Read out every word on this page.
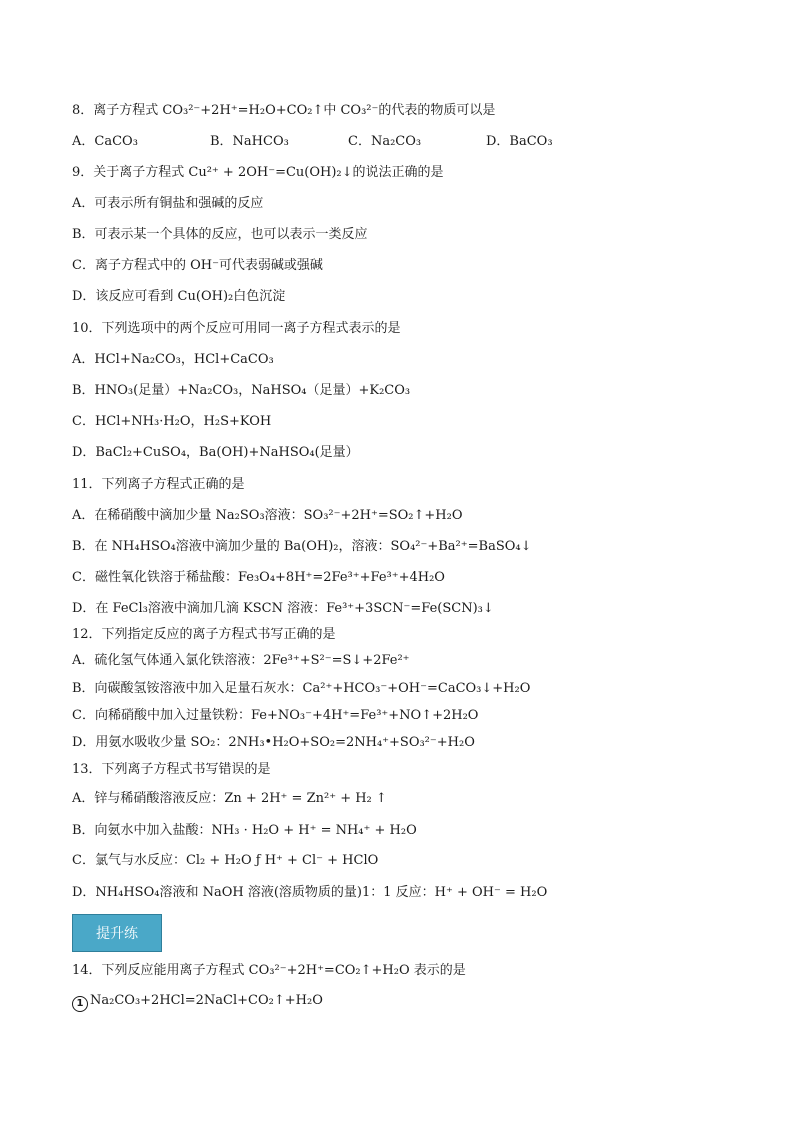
8．离子方程式 CO₃²⁻+2H⁺=H₂O+CO₂↑中 CO₃²⁻的代表的物质可以是
A．CaCO₃	B．NaHCO₃	C．Na₂CO₃	D．BaCO₃
9．关于离子方程式 Cu²⁺ + 2OH⁻=Cu(OH)₂↓的说法正确的是
A．可表示所有铜盐和强碱的反应
B．可表示某一个具体的反应，也可以表示一类反应
C．离子方程式中的 OH⁻可代表弱碱或强碱
D．该反应可看到 Cu(OH)₂白色沉淀
10．下列选项中的两个反应可用同一离子方程式表示的是
A．HCl+Na₂CO₃，HCl+CaCO₃
B．HNO₃(足量）+Na₂CO₃，NaHSO₄（足量）+K₂CO₃
C．HCl+NH₃·H₂O，H₂S+KOH
D．BaCl₂+CuSO₄，Ba(OH)+NaHSO₄(足量）
11．下列离子方程式正确的是
A．在稀硝酸中滴加少量 Na₂SO₃溶液：SO₃²⁻+2H⁺=SO₂↑+H₂O
B．在 NH₄HSO₄溶液中滴加少量的 Ba(OH)₂，溶液：SO₄²⁻+Ba²⁺=BaSO₄↓
C．磁性氧化铁溶于稀盐酸：Fe₃O₄+8H⁺=2Fe³⁺+Fe³⁺+4H₂O
D．在 FeCl₃溶液中滴加几滴 KSCN 溶液：Fe³⁺+3SCN⁻=Fe(SCN)₃↓
12．下列指定反应的离子方程式书写正确的是
A．硫化氢气体通入氯化铁溶液：2Fe³⁺+S²⁻=S↓+2Fe²⁺
B．向碳酸氢铵溶液中加入足量石灰水：Ca²⁺+HCO₃⁻+OH⁻=CaCO₃↓+H₂O
C．向稀硝酸中加入过量铁粉：Fe+NO₃⁻+4H⁺=Fe³⁺+NO↑+2H₂O
D．用氨水吸收少量 SO₂：2NH₃•H₂O+SO₂=2NH₄⁺+SO₃²⁻+H₂O
13．下列离子方程式书写错误的是
A．锌与稀硝酸溶液反应：Zn + 2H⁺ = Zn²⁺ + H₂ ↑
B．向氨水中加入盐酸：NH₃ · H₂O + H⁺ = NH₄⁺ + H₂O
C．氯气与水反应：Cl₂ + H₂O ƒ H⁺ + Cl⁻ + HClO
D．NH₄HSO₄溶液和 NaOH 溶液(溶质物质的量)1：1 反应：H⁺ + OH⁻ = H₂O
提升练
14．下列反应能用离子方程式 CO₃²⁻+2H⁺=CO₂↑+H₂O 表示的是
1 Na₂CO₃+2HCl=2NaCl+CO₂↑+H₂O
